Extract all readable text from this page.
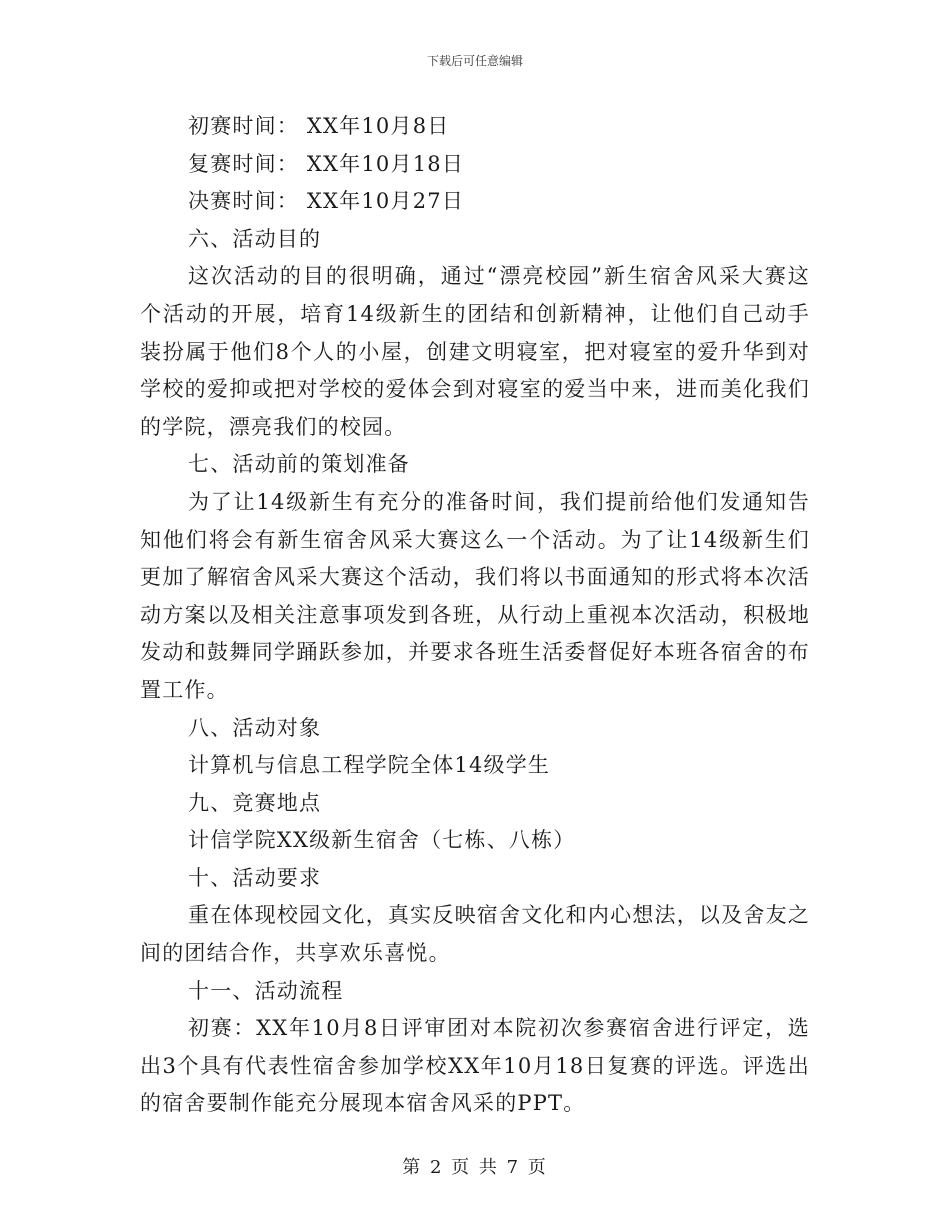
下载后可任意编辑

初赛时间： XX年10月8日

复赛时间： XX年10月18日

决赛时间： XX年10月27日

六、活动目的

这次活动的目的很明确，通过“漂亮校园”新生宿舍风采大赛这个活动的开展，培育14级新生的团结和创新精神，让他们自己动手装扮属于他们8个人的小屋，创建文明寝室，把对寝室的爱升华到对学校的爱抑或把对学校的爱体会到对寝室的爱当中来，进而美化我们的学院，漂亮我们的校园。

七、活动前的策划准备

为了让14级新生有充分的准备时间，我们提前给他们发通知告知他们将会有新生宿舍风采大赛这么一个活动。为了让14级新生们更加了解宿舍风采大赛这个活动，我们将以书面通知的形式将本次活动方案以及相关注意事项发到各班，从行动上重视本次活动，积极地发动和鼓舞同学踊跃参加，并要求各班生活委督促好本班各宿舍的布置工作。

八、活动对象

计算机与信息工程学院全体14级学生

九、竞赛地点

计信学院XX级新生宿舍（七栋、八栋）

十、活动要求

重在体现校园文化，真实反映宿舍文化和内心想法，以及舍友之间的团结合作，共享欢乐喜悦。

十一、活动流程

初赛：XX年10月8日评审团对本院初次参赛宿舍进行评定，选出3个具有代表性宿舍参加学校XX年10月18日复赛的评选。评选出的宿舍要制作能充分展现本宿舍风采的PPT。

第 2 页 共 7 页
